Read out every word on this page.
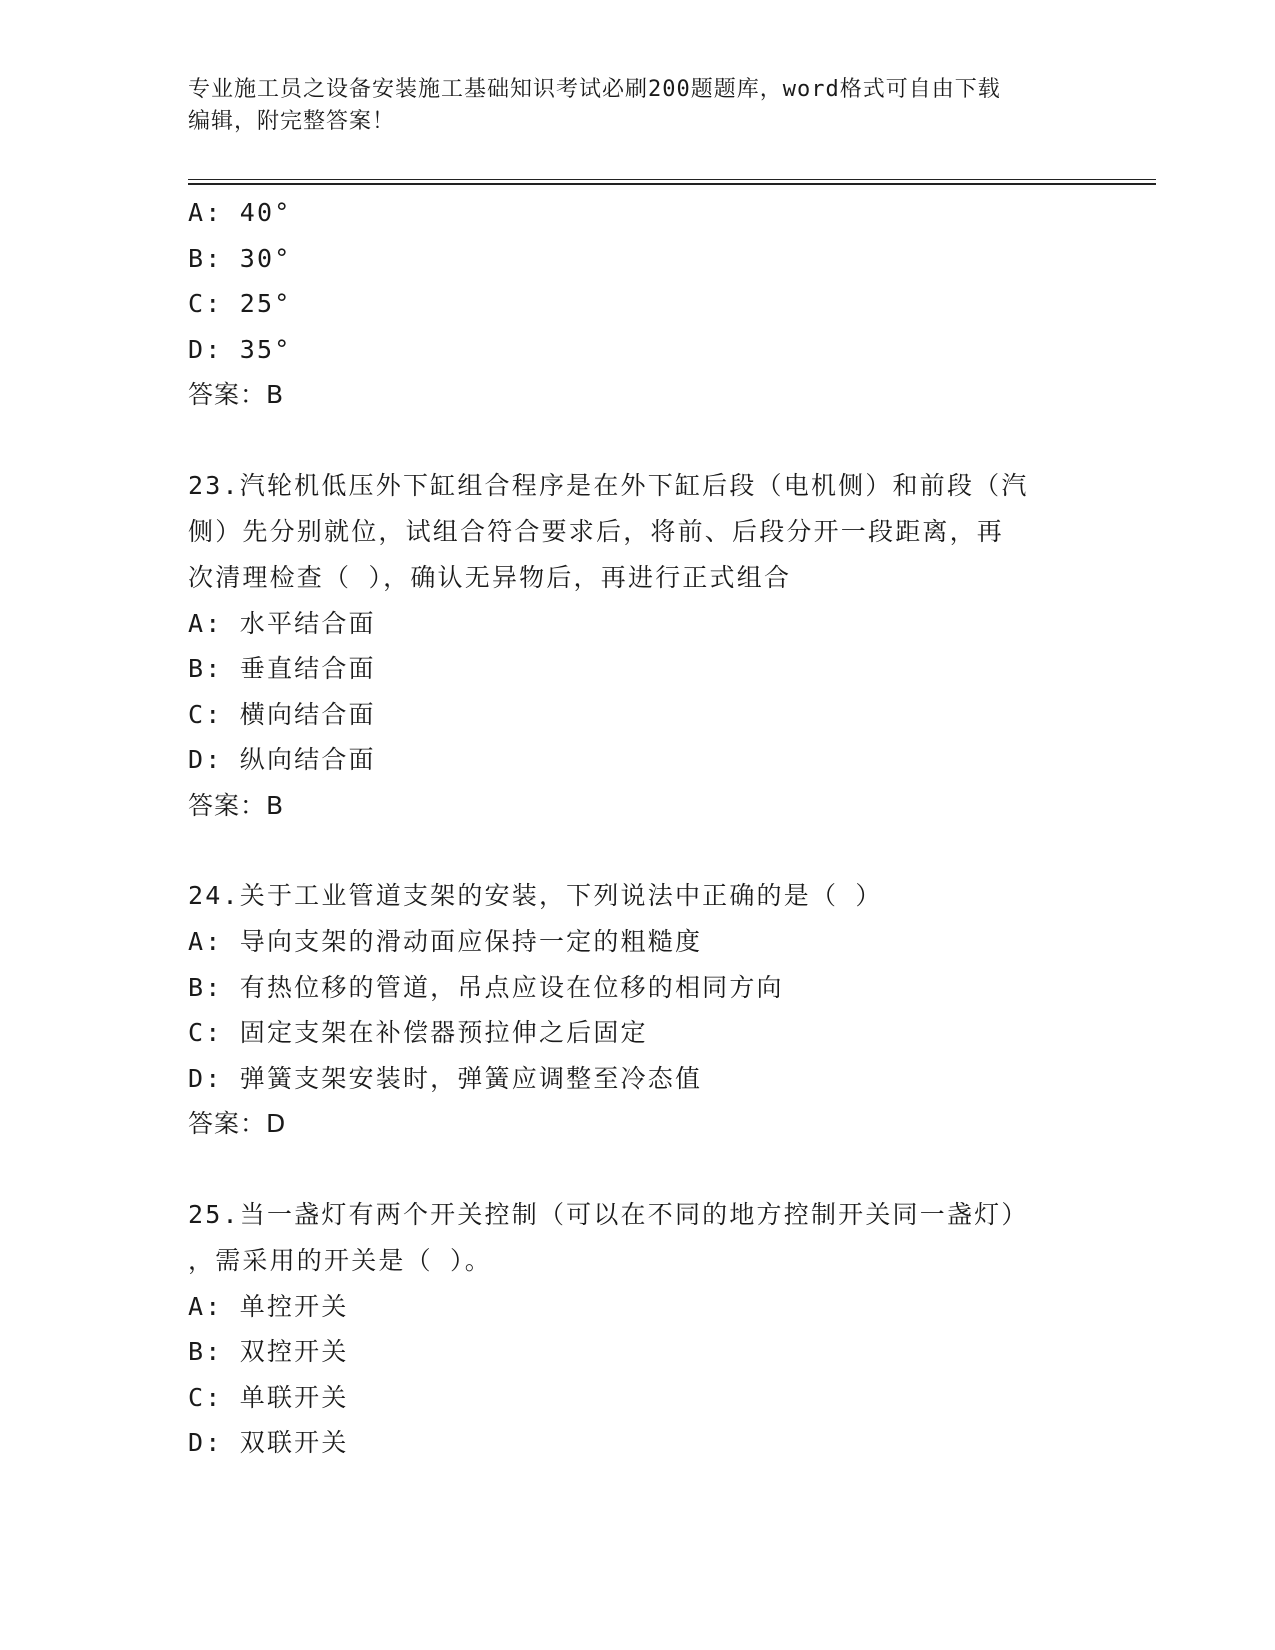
专业施工员之设备安装施工基础知识考试必刷200题题库，word格式可自由下载
编辑，附完整答案！
A: 40°
B: 30°
C: 25°
D: 35°
答案：B
23.汽轮机低压外下缸组合程序是在外下缸后段（电机侧）和前段（汽
侧）先分别就位，试组合符合要求后，将前、后段分开一段距离，再
次清理检查（ ），确认无异物后，再进行正式组合
A: 水平结合面
B: 垂直结合面
C: 横向结合面
D: 纵向结合面
答案：B
24.关于工业管道支架的安装，下列说法中正确的是（ ）
A: 导向支架的滑动面应保持一定的粗糙度
B: 有热位移的管道，吊点应设在位移的相同方向
C: 固定支架在补偿器预拉伸之后固定
D: 弹簧支架安装时，弹簧应调整至冷态值
答案：D
25.当一盏灯有两个开关控制（可以在不同的地方控制开关同一盏灯）
，需采用的开关是（ ）。
A: 单控开关
B: 双控开关
C: 单联开关
D: 双联开关
